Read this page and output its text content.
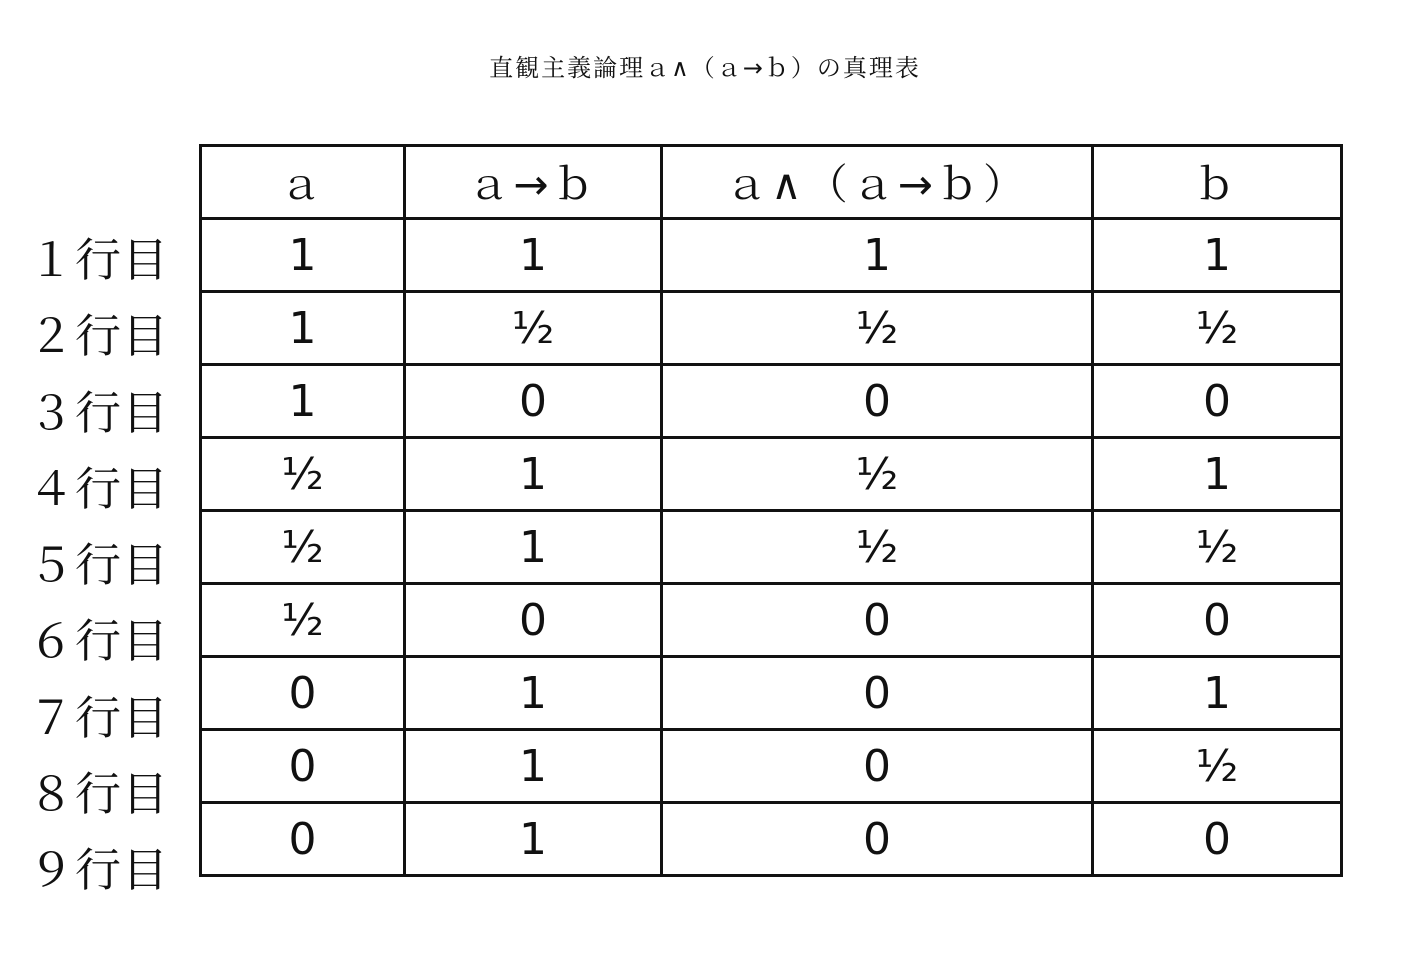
直観主義論理ａ∧（ａ→ｂ）の真理表
１行目
２行目
３行目
４行目
５行目
６行目
７行目
８行目
９行目
ａ	ａ→ｂ	ａ∧（ａ→ｂ）	ｂ
1	1	1	1
1	½	½	½
1	0	0	0
½	1	½	1
½	1	½	½
½	0	0	0
0	1	0	1
0	1	0	½
0	1	0	0
